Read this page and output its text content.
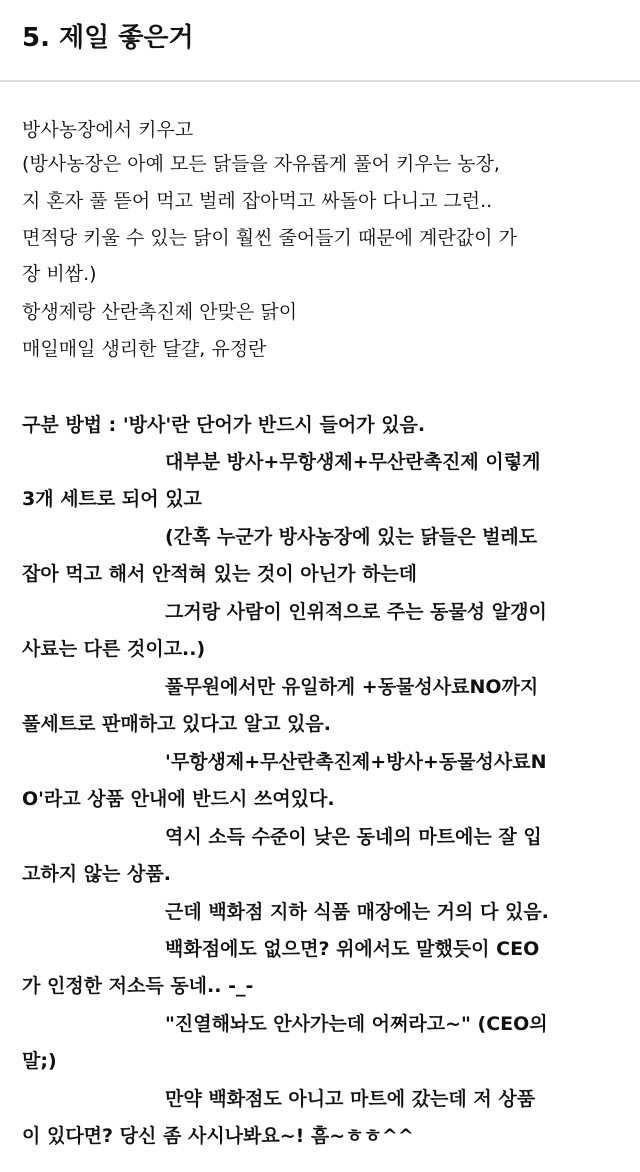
5. 제일 좋은거

방사농장에서 키우고

(방사농장은 아예 모든 닭들을 자유롭게 풀어 키우는 농장,

지 혼자 풀 뜯어 먹고 벌레 잡아먹고 싸돌아 다니고 그런..

면적당 키울 수 있는 닭이 훨씬 줄어들기 때문에 계란값이 가

장 비쌈.)

항생제랑 산란촉진제 안맞은 닭이

매일매일 생리한 달걀, 유정란

구분 방법 : '방사'란 단어가 반드시 들어가 있음.

대부분 방사+무항생제+무산란촉진제 이렇게

3개 세트로 되어 있고

(간혹 누군가 방사농장에 있는 닭들은 벌레도

잡아 먹고 해서 안적혀 있는 것이 아닌가 하는데

그거랑 사람이 인위적으로 주는 동물성 알갱이

사료는 다른 것이고..)

풀무원에서만 유일하게 +동물성사료NO까지

풀세트로 판매하고 있다고 알고 있음.

'무항생제+무산란촉진제+방사+동물성사료N

O'라고 상품 안내에 반드시 쓰여있다.

역시 소득 수준이 낮은 동네의 마트에는 잘 입

고하지 않는 상품.

근데 백화점 지하 식품 매장에는 거의 다 있음.

백화점에도 없으면? 위에서도 말했듯이 CEO

가 인정한 저소득 동네.. -_-

"진열해놔도 안사가는데 어쩌라고~" (CEO의

말;)

만약 백화점도 아니고 마트에 갔는데 저 상품

이 있다면? 당신 좀 사시나봐요~! 흠~ㅎㅎ^^
